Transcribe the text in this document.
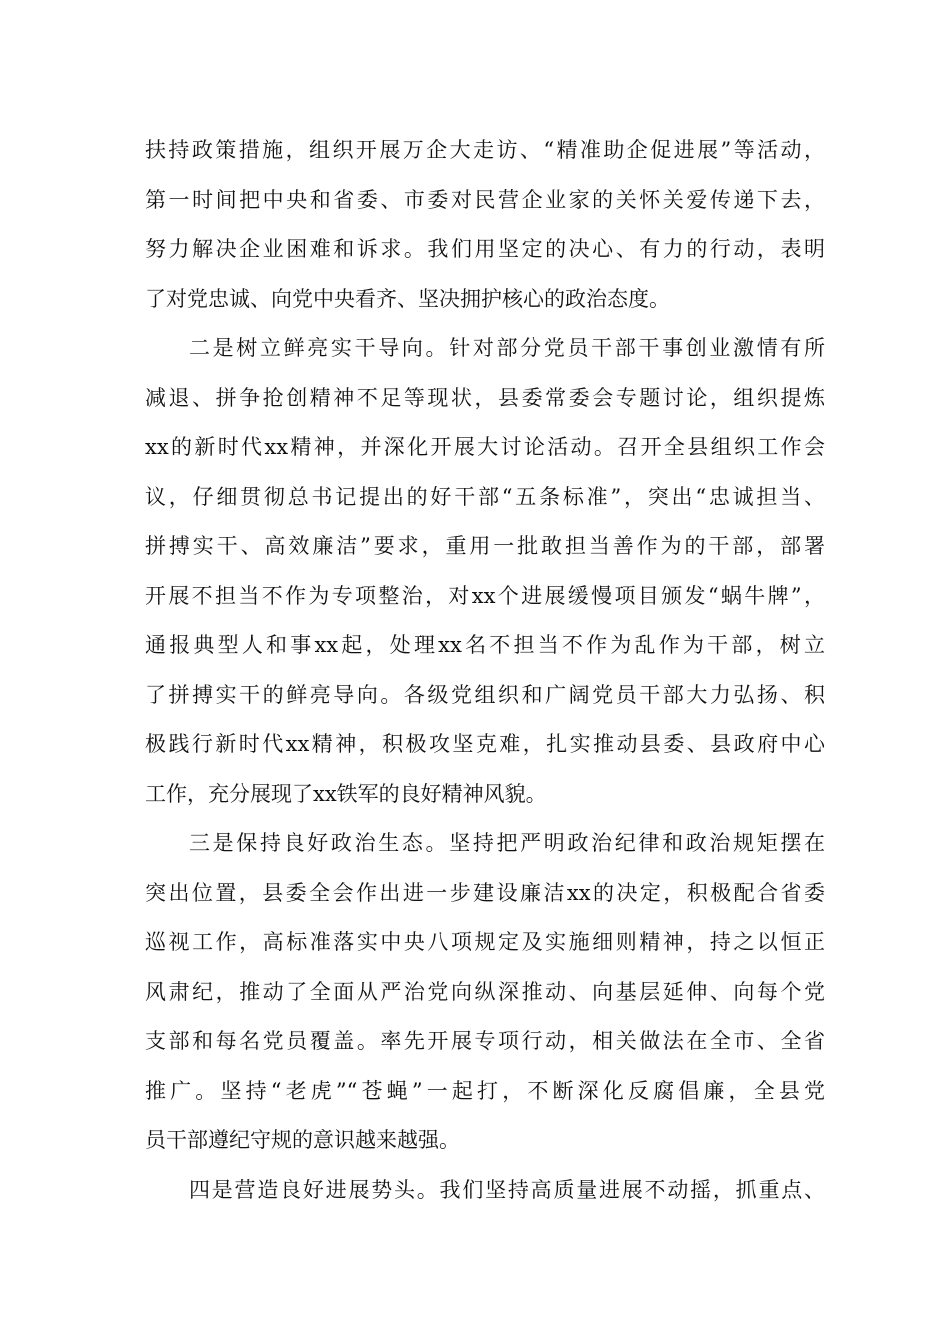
扶持政策措施，组织开展万企大走访、“精准助企促进展”等活动，
第一时间把中央和省委、市委对民营企业家的关怀关爱传递下去，
努力解决企业困难和诉求。我们用坚定的决心、有力的行动，表明
了对党忠诚、向党中央看齐、坚决拥护核心的政治态度。
二是树立鲜亮实干导向。针对部分党员干部干事创业激情有所
减退、拼争抢创精神不足等现状，县委常委会专题讨论，组织提炼
xx的新时代xx精神，并深化开展大讨论活动。召开全县组织工作会
议，仔细贯彻总书记提出的好干部“五条标准”，突出“忠诚担当、
拼搏实干、高效廉洁”要求，重用一批敢担当善作为的干部，部署
开展不担当不作为专项整治，对xx个进展缓慢项目颁发“蜗牛牌”，
通报典型人和事xx起，处理xx名不担当不作为乱作为干部，树立
了拼搏实干的鲜亮导向。各级党组织和广阔党员干部大力弘扬、积
极践行新时代xx精神，积极攻坚克难，扎实推动县委、县政府中心
工作，充分展现了xx铁军的良好精神风貌。
三是保持良好政治生态。坚持把严明政治纪律和政治规矩摆在
突出位置，县委全会作出进一步建设廉洁xx的决定，积极配合省委
巡视工作，高标准落实中央八项规定及实施细则精神，持之以恒正
风肃纪，推动了全面从严治党向纵深推动、向基层延伸、向每个党
支部和每名党员覆盖。率先开展专项行动，相关做法在全市、全省
推广。坚持“老虎”“苍蝇”一起打，不断深化反腐倡廉，全县党
员干部遵纪守规的意识越来越强。
四是营造良好进展势头。我们坚持高质量进展不动摇，抓重点、
